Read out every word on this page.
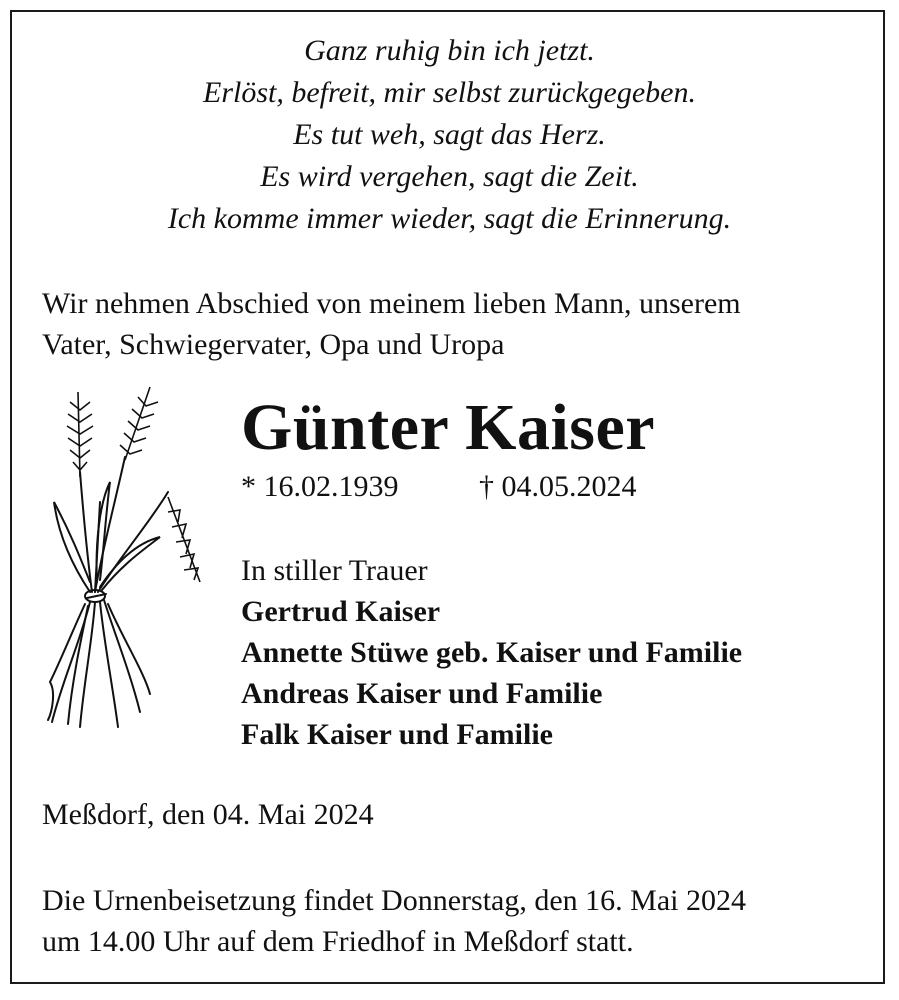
Ganz ruhig bin ich jetzt.
Erlöst, befreit, mir selbst zurückgegeben.
Es tut weh, sagt das Herz.
Es wird vergehen, sagt die Zeit.
Ich komme immer wieder, sagt die Erinnerung.
Wir nehmen Abschied von meinem lieben Mann, unserem
Vater, Schwiegervater, Opa und Uropa
Günter Kaiser
* 16.02.1939	† 04.05.2024
In stiller Trauer
Gertrud Kaiser
Annette Stüwe geb. Kaiser und Familie
Andreas Kaiser und Familie
Falk Kaiser und Familie
Meßdorf, den 04. Mai 2024
Die Urnenbeisetzung findet Donnerstag, den 16. Mai 2024
um 14.00 Uhr auf dem Friedhof in Meßdorf statt.
